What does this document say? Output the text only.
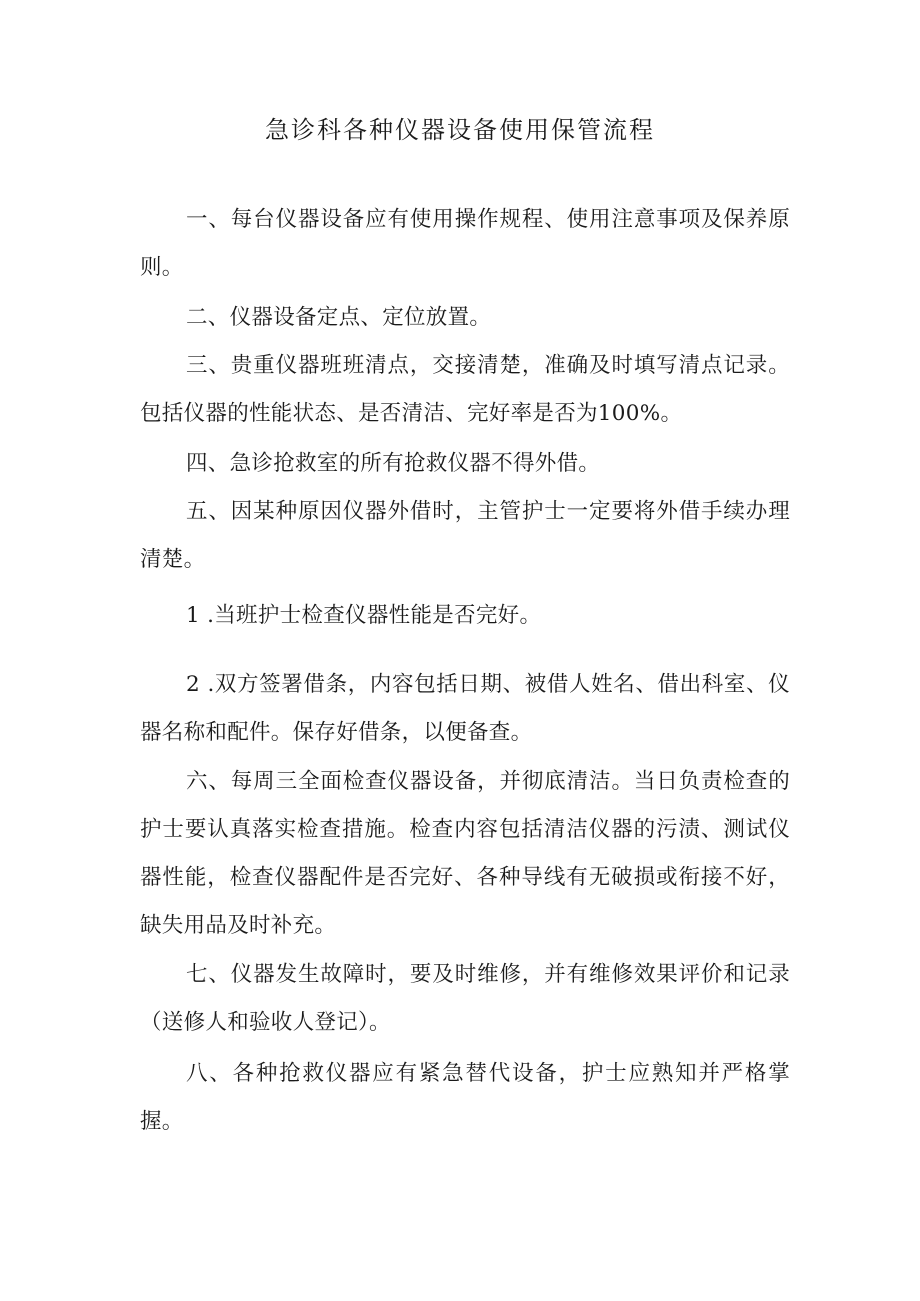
急诊科各种仪器设备使用保管流程

一、每台仪器设备应有使用操作规程、使用注意事项及保养原则。

二、仪器设备定点、定位放置。

三、贵重仪器班班清点，交接清楚，准确及时填写清点记录。包括仪器的性能状态、是否清洁、完好率是否为100%。

四、急诊抢救室的所有抢救仪器不得外借。

五、因某种原因仪器外借时，主管护士一定要将外借手续办理清楚。

1 .当班护士检查仪器性能是否完好。

2 .双方签署借条，内容包括日期、被借人姓名、借出科室、仪器名称和配件。保存好借条，以便备查。

六、每周三全面检查仪器设备，并彻底清洁。当日负责检查的护士要认真落实检查措施。检查内容包括清洁仪器的污渍、测试仪器性能，检查仪器配件是否完好、各种导线有无破损或衔接不好，缺失用品及时补充。

七、仪器发生故障时，要及时维修，并有维修效果评价和记录（送修人和验收人登记）。

八、各种抢救仪器应有紧急替代设备，护士应熟知并严格掌握。
